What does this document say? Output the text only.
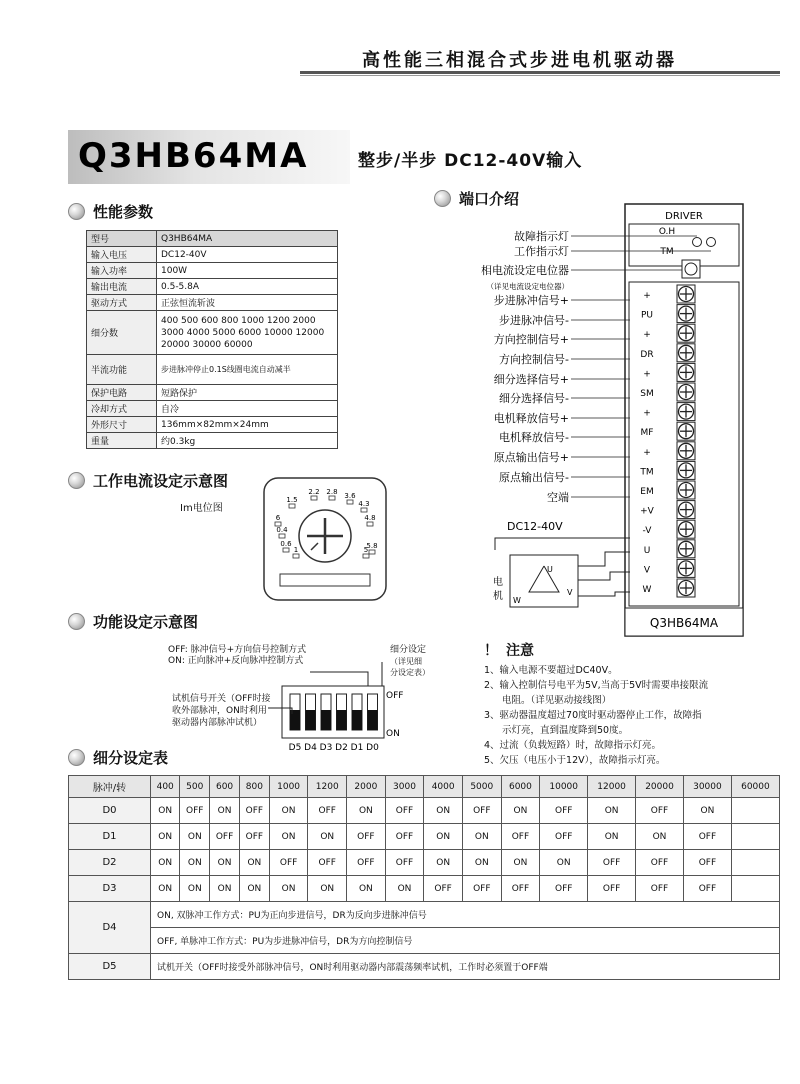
高性能三相混合式步进电机驱动器
Q3HB64MA	整步/半步 DC12-40V输入
性能参数
型号	Q3HB64MA
输入电压	DC12-40V
输入功率	100W
输出电流	0.5-5.8A
驱动方式	正弦恒流斩波
细分数	400 500 600 800 1000 1200 2000 3000 4000 5000 6000 10000 12000 20000 30000 60000
半流功能	步进脉冲停止0.1S线圈电流自动减半
保护电路	短路保护
冷却方式	自冷
外形尺寸	136mm×82mm×24mm
重量	约0.3kg
端口介绍
DRIVER
O.H
TM
+
PU
+
DR
+
SM
+
MF
+
TM
EM
+V
-V
U
V
W
Q3HB64MA
故障指示灯
工作指示灯
相电流设定电位器
（详见电流设定电位器）
步进脉冲信号+
步进脉冲信号-
方向控制信号+
方向控制信号-
细分选择信号+
细分选择信号-
电机释放信号+
电机释放信号-
原点输出信号+
原点输出信号-
空端
DC12-40V
U
V
W
电
机
工作电流设定示意图
Im电位图
1.5
2.2 2.8 3.6
4.3
4.8
5.8
5
6
0.4
0.6
1
功能设定示意图
OFF: 脉冲信号+方向信号控制方式
ON: 正向脉冲+反向脉冲控制方式
细分设定
（详见细
分设定表）
试机信号开关（OFF时接
收外部脉冲，ON时利用
驱动器内部脉冲试机）
D5 D4 D3 D2 D1 D0
OFF
ON
！ 注意
1、输入电源不要超过DC40V。
2、输入控制信号电平为5V,当高于5V时需要串接限流
电阻。（详见驱动接线图）
3、驱动器温度超过70度时驱动器停止工作，故障指
示灯亮，直到温度降到50度。
4、过流（负载短路）时，故障指示灯亮。
5、欠压（电压小于12V），故障指示灯亮。
细分设定表
脉冲/转	400	500	600	800	1000	1200	2000	3000	4000	5000	6000	10000	12000	20000	30000	60000
D0	ON	OFF	ON	OFF	ON	OFF	ON	OFF	ON	OFF	ON	OFF	ON	OFF	ON	
D1	ON	ON	OFF	OFF	ON	ON	OFF	OFF	ON	ON	OFF	OFF	ON	ON	OFF	
D2	ON	ON	ON	ON	OFF	OFF	OFF	OFF	ON	ON	ON	ON	OFF	OFF	OFF	
D3	ON	ON	ON	ON	ON	ON	ON	ON	OFF	OFF	OFF	OFF	OFF	OFF	OFF	
D4	ON, 双脉冲工作方式：PU为正向步进信号，DR为反向步进脉冲信号															
	OFF, 单脉冲工作方式：PU为步进脉冲信号，DR为方向控制信号															
D5	试机开关（OFF时接受外部脉冲信号，ON时利用驱动器内部震荡频率试机，工作时必须置于OFF端															
